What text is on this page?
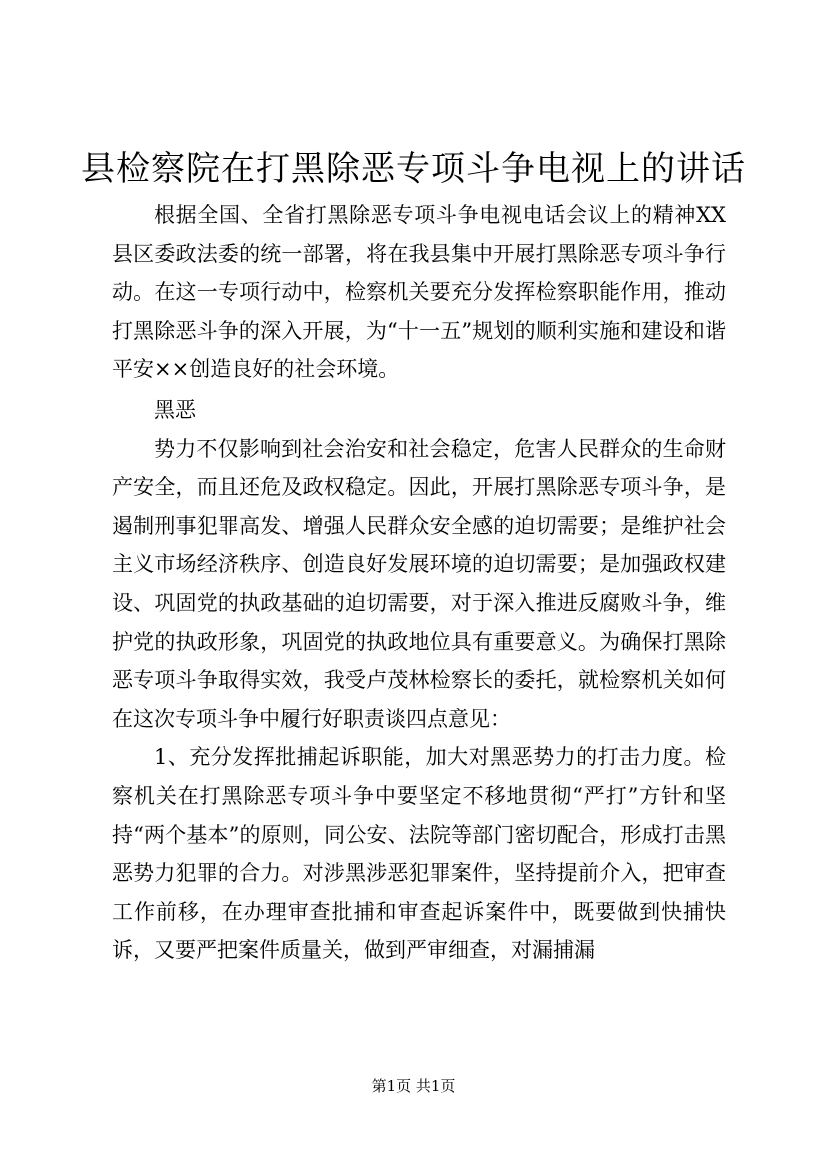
县检察院在打黑除恶专项斗争电视上的讲话

根据全国、全省打黑除恶专项斗争电视电话会议上的精神XX县区委政法委的统一部署，将在我县集中开展打黑除恶专项斗争行动。在这一专项行动中，检察机关要充分发挥检察职能作用，推动打黑除恶斗争的深入开展，为“十一五”规划的顺利实施和建设和谐平安××创造良好的社会环境。

黑恶

势力不仅影响到社会治安和社会稳定，危害人民群众的生命财产安全，而且还危及政权稳定。因此，开展打黑除恶专项斗争，是遏制刑事犯罪高发、增强人民群众安全感的迫切需要；是维护社会主义市场经济秩序、创造良好发展环境的迫切需要；是加强政权建设、巩固党的执政基础的迫切需要，对于深入推进反腐败斗争，维护党的执政形象，巩固党的执政地位具有重要意义。为确保打黑除恶专项斗争取得实效，我受卢茂林检察长的委托，就检察机关如何在这次专项斗争中履行好职责谈四点意见：

1、充分发挥批捕起诉职能，加大对黑恶势力的打击力度。检察机关在打黑除恶专项斗争中要坚定不移地贯彻“严打”方针和坚持“两个基本”的原则，同公安、法院等部门密切配合，形成打击黑恶势力犯罪的合力。对涉黑涉恶犯罪案件，坚持提前介入，把审查工作前移，在办理审查批捕和审查起诉案件中，既要做到快捕快诉，又要严把案件质量关，做到严审细查，对漏捕漏

第1页 共1页
